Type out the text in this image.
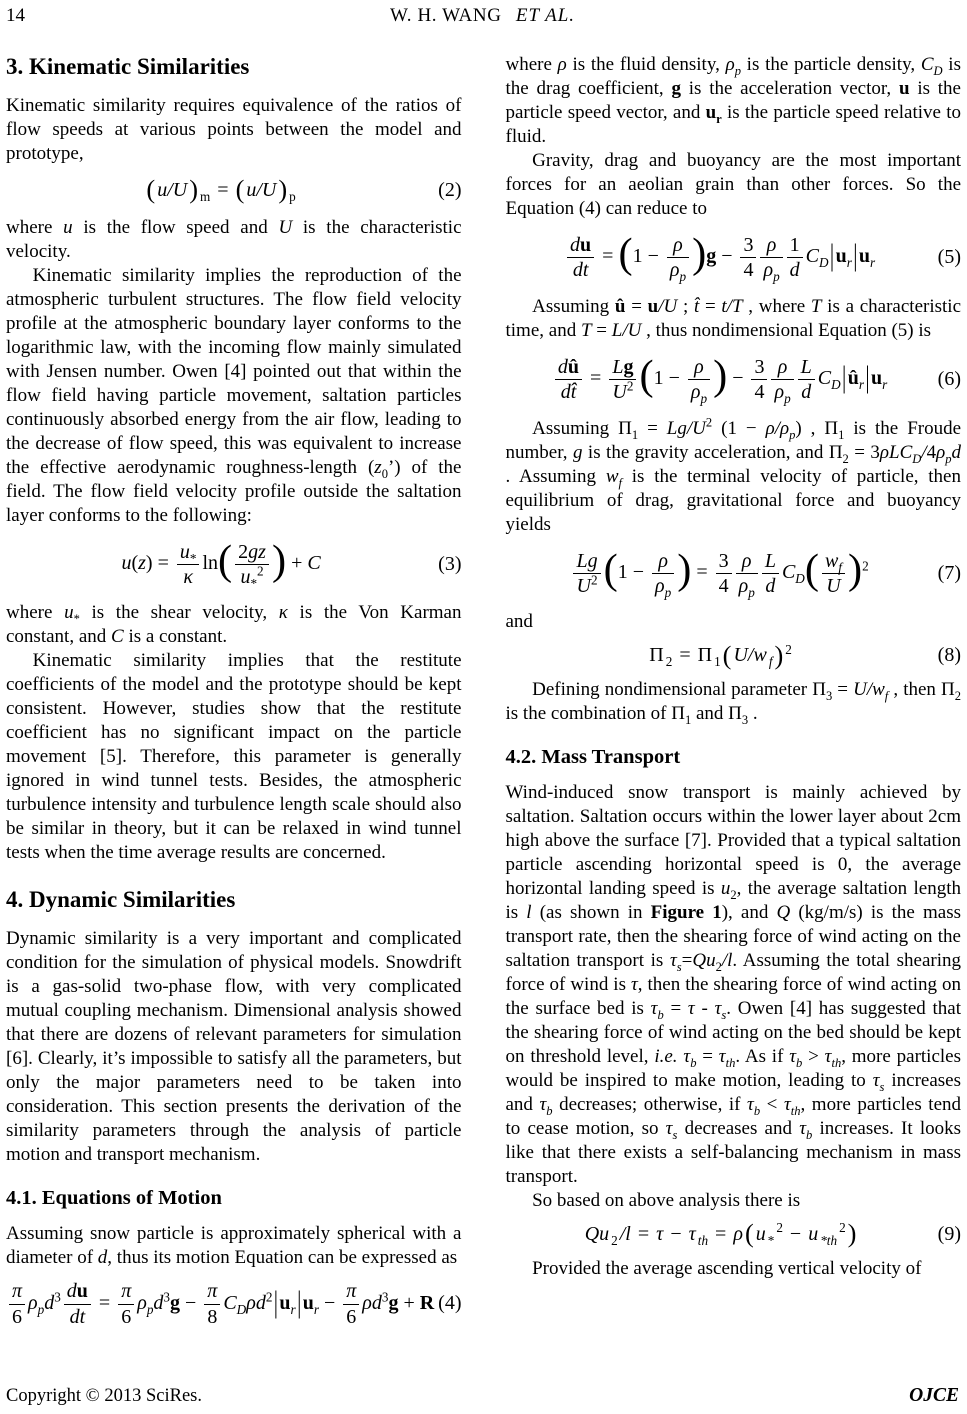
14	W. H. WANG ET AL.
3. Kinematic Similarities

Kinematic similarity requires equivalence of the ratios of flow speeds at various points between the model and prototype,

( u/U) $_m$ = ( u/U) $_p$	(2)

where u is the flow speed and U is the characteristic velocity.

Kinematic similarity implies the reproduction of the atmospheric turbulent structures. The flow field velocity profile at the atmospheric boundary layer conforms to the logarithmic law, with the incoming flow mainly simulated with Jensen number. Owen [4] pointed out that within the flow field having particle movement, saltation particles continuously absorbed energy from the air flow, leading to the decrease of flow speed, this was equivalent to increase the effective aerodynamic roughness-length $(z_0’)$ of the field. The flow field velocity profile outside the saltation layer conforms to the following:

$u(z) = \frac{u_*}{\kappa} \ln( \frac{2gz}{u_*^2}$ ) + C	(3)

where $u_*$ is the shear velocity, κ is the Von Karman constant, and C is a constant.

Kinematic similarity implies that the restitute coefficients of the model and the prototype should be kept consistent. However, studies show that the restitute coefficient has no significant impact on the particle movement [5]. Therefore, this parameter is generally ignored in wind tunnel tests. Besides, the atmospheric turbulence intensity and turbulence length scale should also be similar in theory, but it can be relaxed in wind tunnel tests when the time average results are concerned.

4. Dynamic Similarities

Dynamic similarity is a very important and complicated condition for the simulation of physical models. Snowdrift is a gas-solid two-phase flow, with very complicated mutual coupling mechanism. Dimensional analysis showed that there are dozens of relevant parameters for simulation [6]. Clearly, it’s impossible to satisfy all the parameters, but only the major parameters need to be taken into consideration. This section presents the derivation of the similarity parameters through the analysis of particle motion and transport mechanism.

4.1. Equations of Motion

Assuming snow particle is approximately spherical with a diameter of d, thus its motion Equation can be expressed as

$\frac{\pi}{6} \rho_pd^3 \frac{du}{dt} = \frac{\pi}{6} \rho_pd^3g - \frac{\pi}{8} C_D\rho d^2|u_r|u_r - \frac{\pi}{6} \rho d^3g + R$ (4)

where ρ is the fluid density, $\rho_p$ is the particle density, $C_D$ is the drag coefficient, g is the acceleration vector, u is the particle speed vector, and $u_r$ is the particle speed relative to fluid.

Gravity, drag and buoyancy are the most important forces for an aeolian grain than other forces. So the Equation (4) can reduce to

$\frac{du}{dt} = (1 - \frac{\rho}{\rho_p} )g - \frac{3}{4} \frac{\rho}{\rho_p} \frac{1}{d} C_D|u_r|u_r$	(5)

Assuming û = u/U ; t̂ = t/T , where T is a characteristic time, and T = L/U , thus nondimensional Equation (5) is

$\frac{dû}{dt̂} = \frac{Lg}{U^2} (1 - \frac{\rho}{\rho_p}$ ) − $\frac{3}{4} \frac{\rho}{\rho_p} \frac{L}{d}$ $C_D|û_r|u_r$	(6)

Assuming $\Pi_1 = Lg/U^2$ $(1 - \rho/\rho_p)$ , $\Pi_1$ is the Froude number, g is the gravity acceleration, and $\Pi_2 = 3\rho LC_D/4\rho_pd$ . Assuming $w_f$ is the terminal velocity of particle, then equilibrium of drag, gravitational force and buoyancy yields

$\frac{Lg}{U^2} (1 - \frac{\rho}{\rho_p}$ ) = $\frac{3}{4} \frac{\rho}{\rho_p} \frac{L}{d} C_D( \frac{w_f}{U} )^2$	(7)

and

Π $_2$ = Π $_1$( U/w $_f$) $^2$	(8)

Defining nondimensional parameter $\Pi_3 = U/w_f$ , then $\Pi_2$ is the combination of $\Pi_1$ and $\Pi_3$ .

4.2. Mass Transport

Wind-induced snow transport is mainly achieved by saltation. Saltation occurs within the lower layer about 2cm high above the surface [7]. Provided that a typical saltation particle ascending horizontal speed is 0, the average horizontal landing speed is $u_2$, the average saltation length is l (as shown in Figure 1), and Q (kg/m/s) is the mass transport rate, then the shearing force of wind acting on the saltation transport is $\tau_s=Qu_2/l$. Assuming the total shearing force of wind is τ, then the shearing force of wind acting on the surface bed is $\tau_b = \tau - \tau_s$. Owen [4] has suggested that the shearing force of wind acting on the bed should be kept on threshold level, i.e. $\tau_b = \tau_{th}$. As if $\tau_b > \tau_{th}$, more particles would be inspired to make motion, leading to $\tau_s$ increases and $\tau_b$ decreases; otherwise, if $\tau_b < \tau_{th}$, more particles tend to cease motion, so $\tau_s$ decreases and $\tau_b$ increases. It looks like that there exists a self-balancing mechanism in mass transport.

So based on above analysis there is

Qu $_2$ /l = τ − τ $_{th}$ = ρ( u $_*^2$ − u $_{*th}^2$)	(9)

Provided the average ascending vertical velocity of

Copyright © 2013 SciRes.	OJCE
